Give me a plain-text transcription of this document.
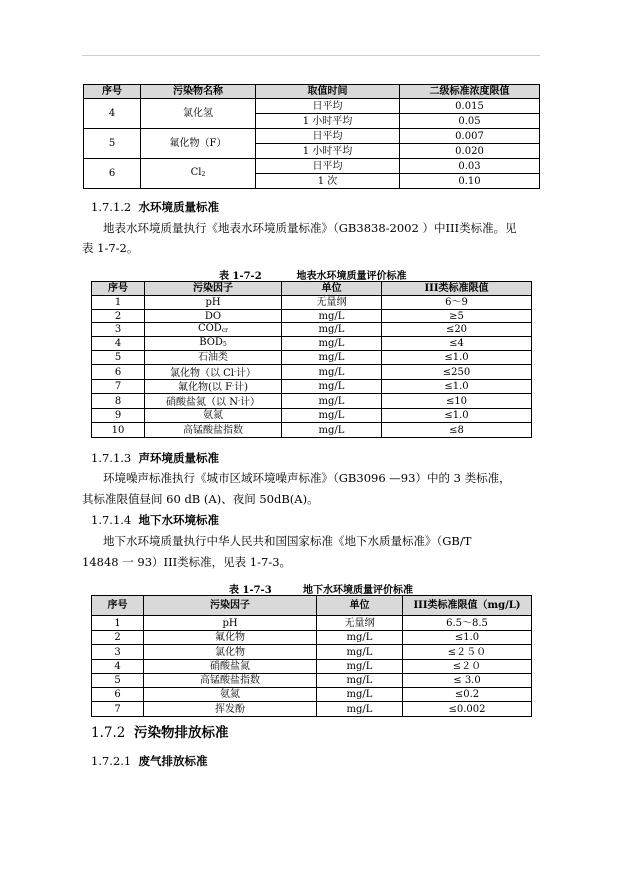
序号	污染物名称	取值时间	二级标准浓度限值
4	氯化氢	日平均	0.015
		1 小时平均	0.05
5	氟化物（F）	日平均	0.007
		1 小时平均	0.020
6	Cl2	日平均	0.03
		1 次	0.10
1.7.1.2 水环境质量标准
地表水环境质量执行《地表水环境质量标准》（GB3838-2002 ）中III类标准。见
表 1-7-2。
表 1-7-2	地表水环境质量评价标准
序号	污染因子	单位	III类标准限值
1	pH	无量纲	6～9
2	DO	mg/L	≥5
3	CODcr	mg/L	≤20
4	BOD5	mg/L	≤4
5	石油类	mg/L	≤1.0
6	氯化物（以 Cl-计）	mg/L	≤250
7	氟化物(以 F-计)	mg/L	≤1.0
8	硝酸盐氮（以 N-计）	mg/L	≤10
9	氨氮	mg/L	≤1.0
10	高锰酸盐指数	mg/L	≤8
1.7.1.3 声环境质量标准
环境噪声标准执行《城市区域环境噪声标准》（GB3096 —93）中的 3 类标准，
其标准限值昼间 60 dB (A)、夜间 50dB(A)。
1.7.1.4 地下水环境标准
地下水环境质量执行中华人民共和国国家标准《地下水质量标准》（GB/T
14848 一 93）III类标准，见表 1-7-3。
表 1-7-3	地下水环境质量评价标准
序号	污染因子	单位	III类标准限值（mg/L)
1	pH	无量纲	6.5～8.5
2	氟化物	mg/L	≤1.0
3	氯化物	mg/L	≤２５０
4	硝酸盐氮	mg/L	≤２０
5	高锰酸盐指数	mg/L	≤ 3.0
6	氨氮	mg/L	≤0.2
7	挥发酚	mg/L	≤0.002
1.7.2 污染物排放标准
1.7.2.1 废气排放标准
